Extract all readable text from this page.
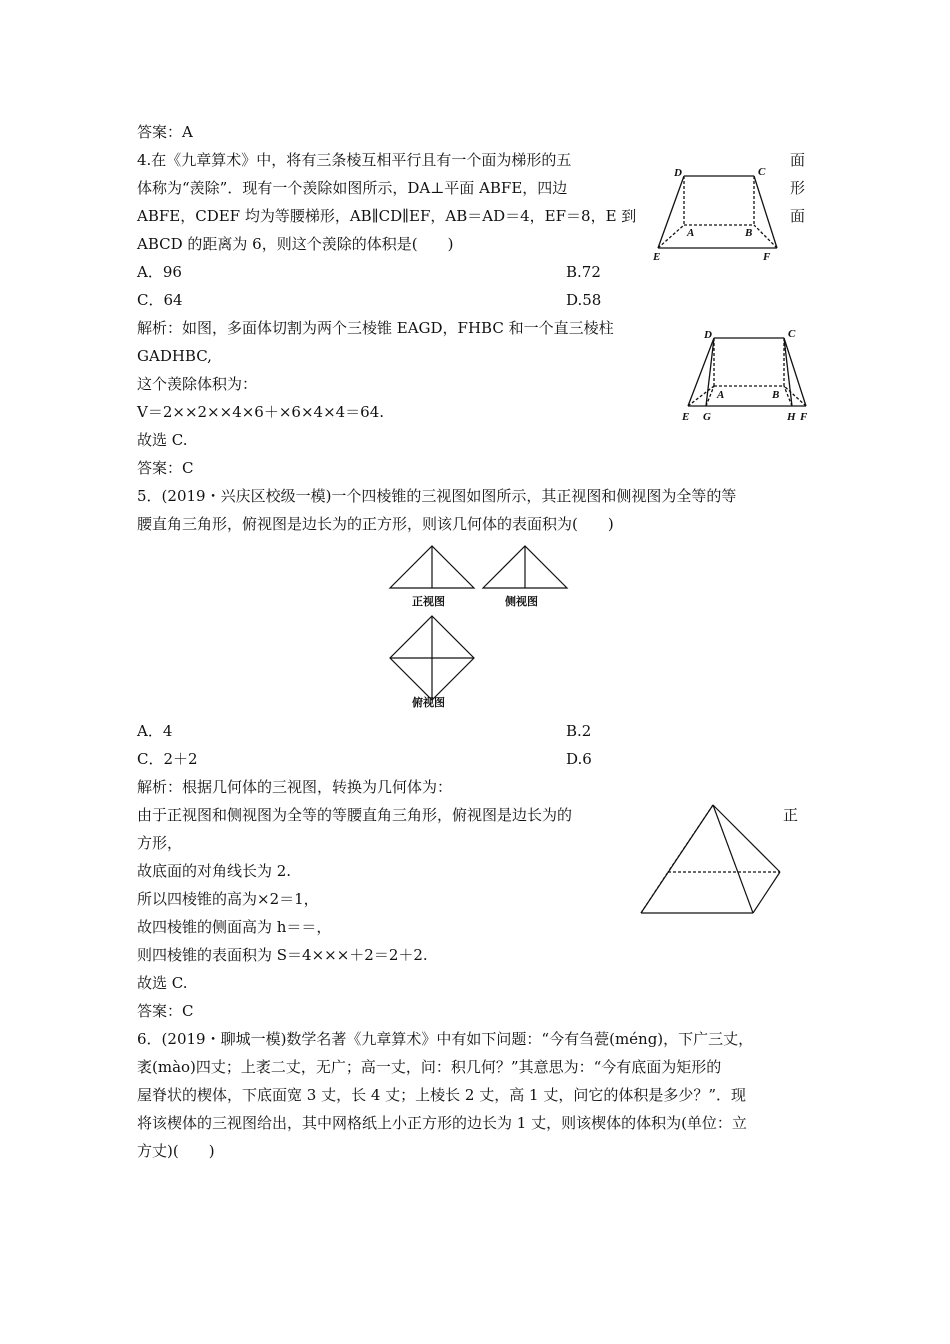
答案：A
4.在《九章算术》中，将有三条棱互相平行且有一个面为梯形的五	面
体称为“羡除”．现有一个羡除如图所示，DA⊥平面 ABFE，四边	形
ABFE，CDEF 均为等腰梯形，AB∥CD∥EF，AB＝AD＝4，EF＝8，E 到	面
ABCD 的距离为 6，则这个羡除的体积是(　　)
A．96	B.72
C．64	D.58
解析：如图，多面体切割为两个三棱锥 EAGD，FHBC 和一个直三棱柱
GADHBC,
这个羡除体积为：
V＝2××2××4×6＋×6×4×4＝64.
故选 C.
答案：C
5．(2019・兴庆区校级一模)一个四棱锥的三视图如图所示，其正视图和侧视图为全等的等
腰直角三角形，俯视图是边长为的正方形，则该几何体的表面积为(　　)
A．4	B.2
C．2＋2	D.6
解析：根据几何体的三视图，转换为几何体为：
由于正视图和侧视图为全等的等腰直角三角形，俯视图是边长为的	正
方形，
故底面的对角线长为 2.
所以四棱锥的高为×2＝1，
故四棱锥的侧面高为 h＝＝，
则四棱锥的表面积为 S＝4×××＋2＝2＋2.
故选 C.
答案：C
6．(2019・聊城一模)数学名著《九章算术》中有如下问题：“今有刍甍(méng)，下广三丈，
袤(mào)四丈；上袤二丈，无广；高一丈，问：积几何？”其意思为：“今有底面为矩形的
屋脊状的楔体，下底面宽 3 丈，长 4 丈；上棱长 2 丈，高 1 丈，问它的体积是多少？”．现
将该楔体的三视图给出，其中网格纸上小正方形的边长为 1 丈，则该楔体的体积为(单位：立
方丈)(　　)
D	C
A	B
E	F
D	C
A	B
E G	H F
正视图	侧视图
俯视图
